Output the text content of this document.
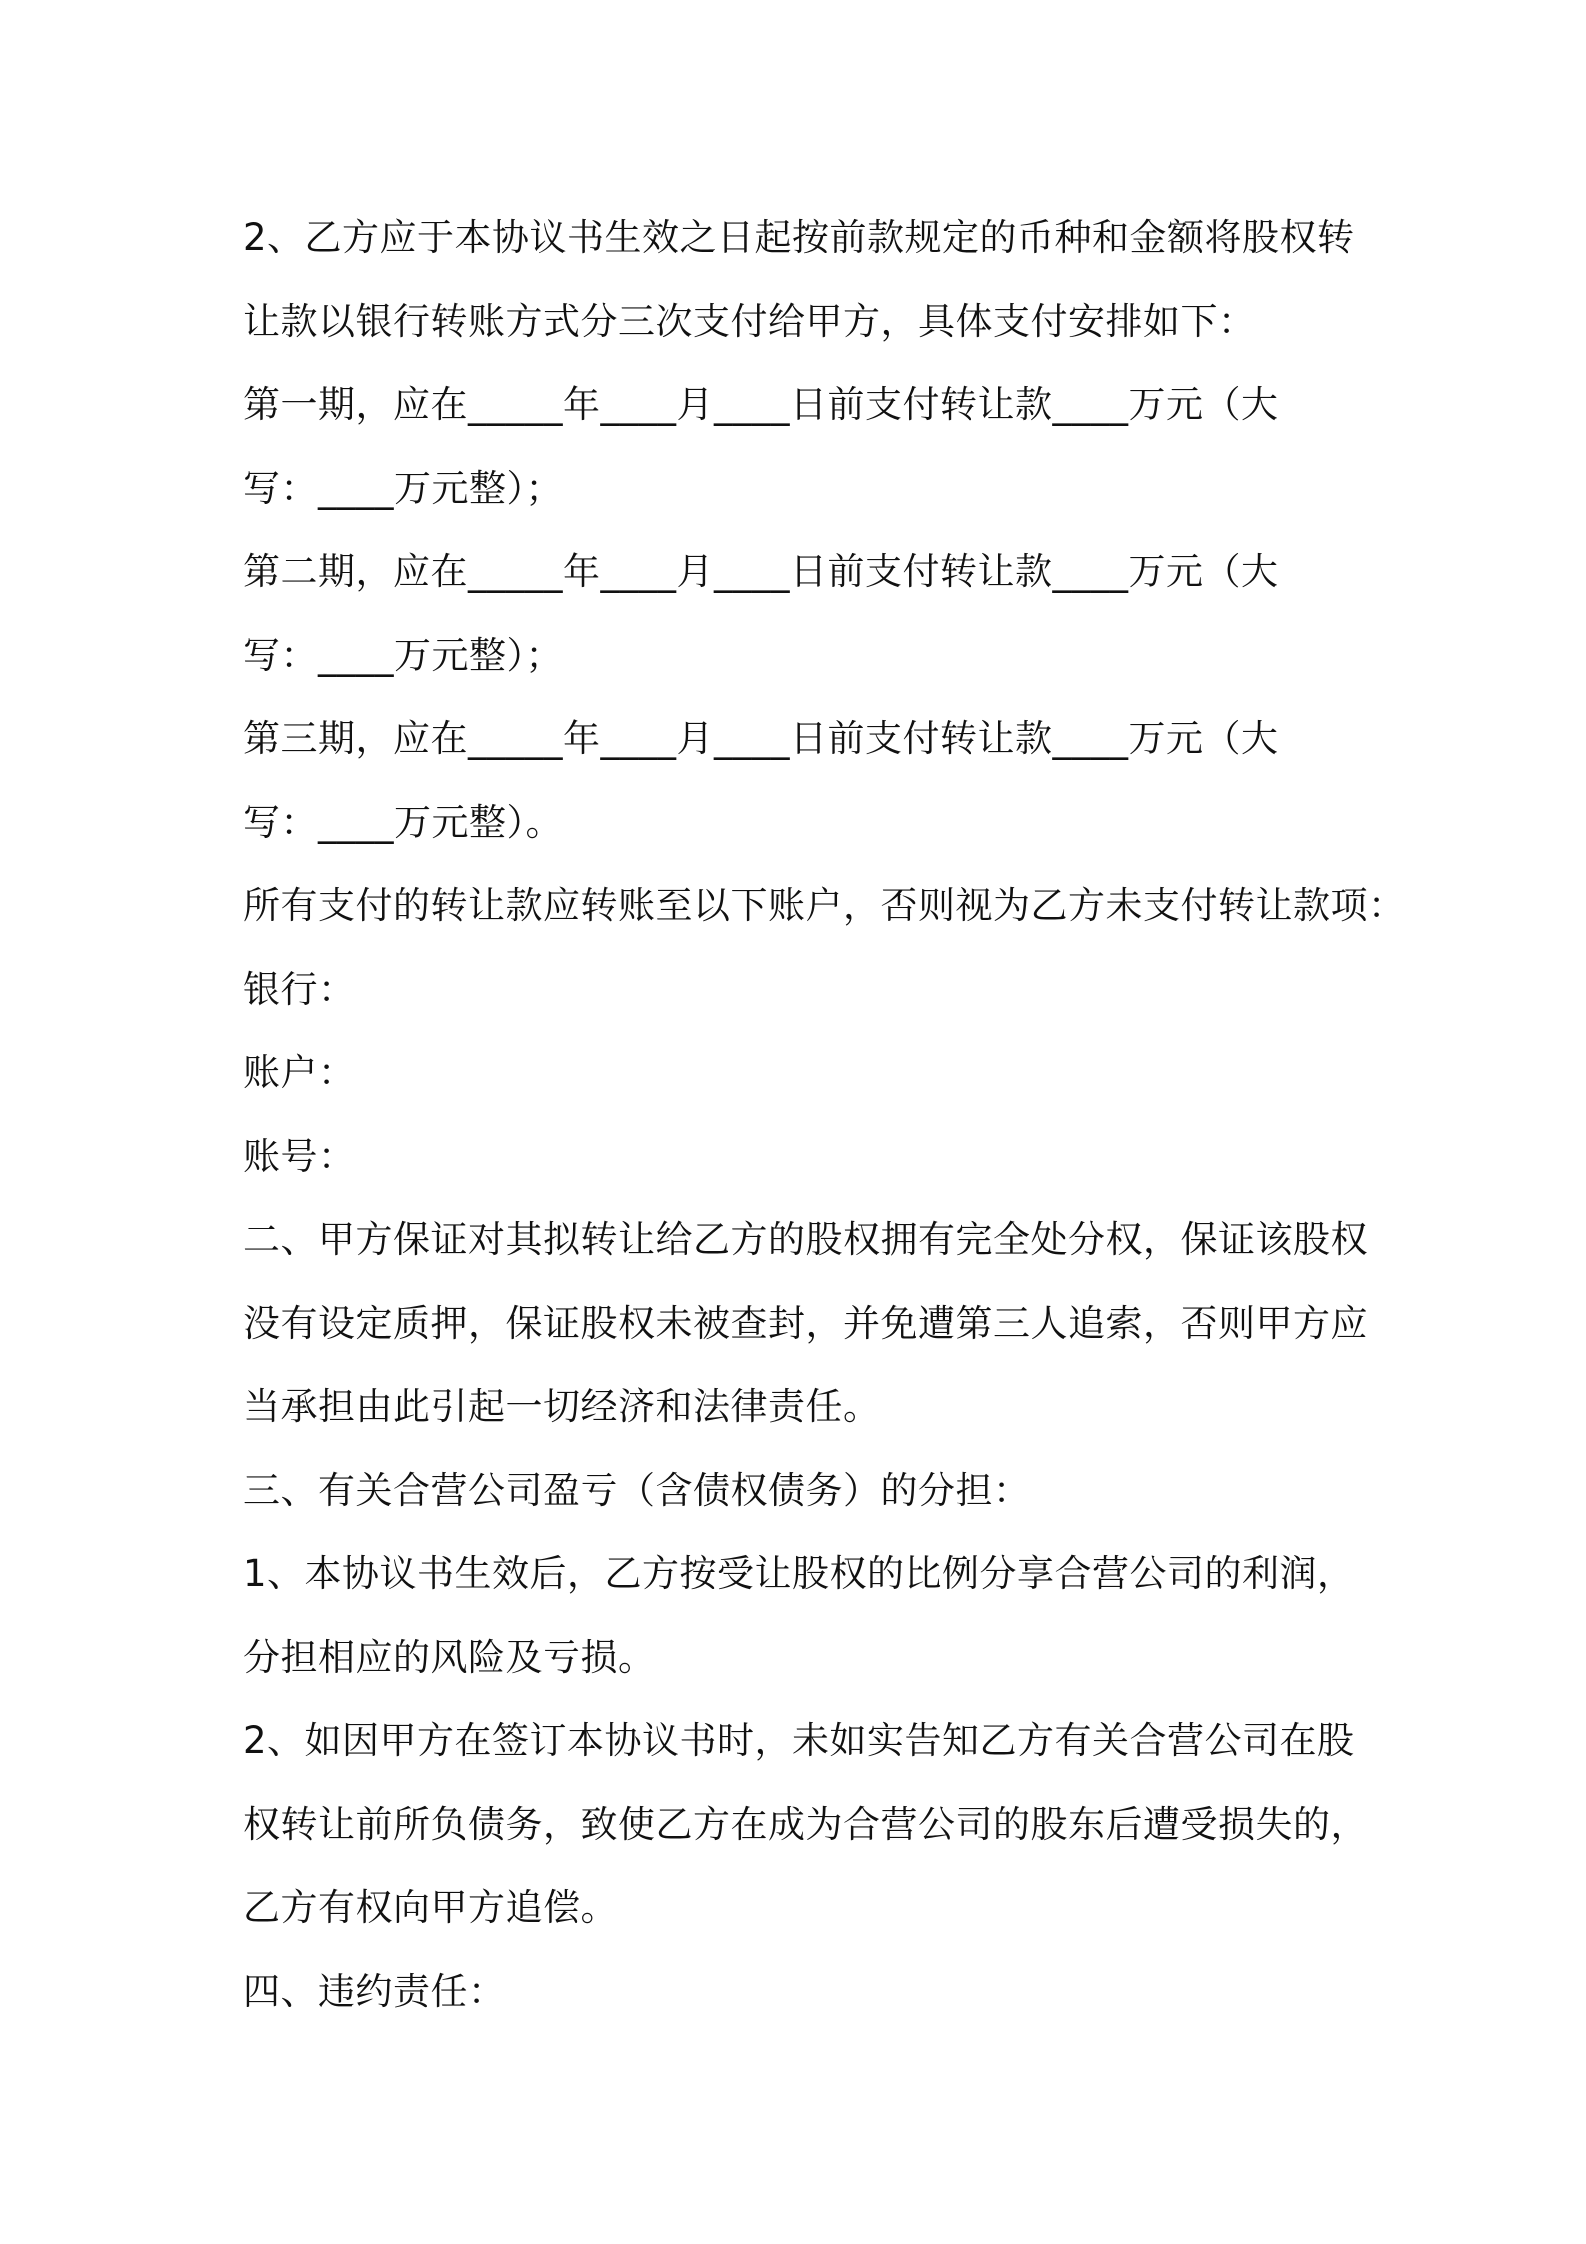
2、乙方应于本协议书生效之日起按前款规定的币种和金额将股权转
让款以银行转账方式分三次支付给甲方，具体支付安排如下：
第一期，应在_____年____月____日前支付转让款____万元（大
写：____万元整）；
第二期，应在_____年____月____日前支付转让款____万元（大
写：____万元整）；
第三期，应在_____年____月____日前支付转让款____万元（大
写：____万元整）。
所有支付的转让款应转账至以下账户，否则视为乙方未支付转让款项：
银行：
账户：
账号：
二、甲方保证对其拟转让给乙方的股权拥有完全处分权，保证该股权
没有设定质押，保证股权未被查封，并免遭第三人追索，否则甲方应
当承担由此引起一切经济和法律责任。
三、有关合营公司盈亏（含债权债务）的分担：
1、本协议书生效后，乙方按受让股权的比例分享合营公司的利润，
分担相应的风险及亏损。
2、如因甲方在签订本协议书时，未如实告知乙方有关合营公司在股
权转让前所负债务，致使乙方在成为合营公司的股东后遭受损失的，
乙方有权向甲方追偿。
四、违约责任：
